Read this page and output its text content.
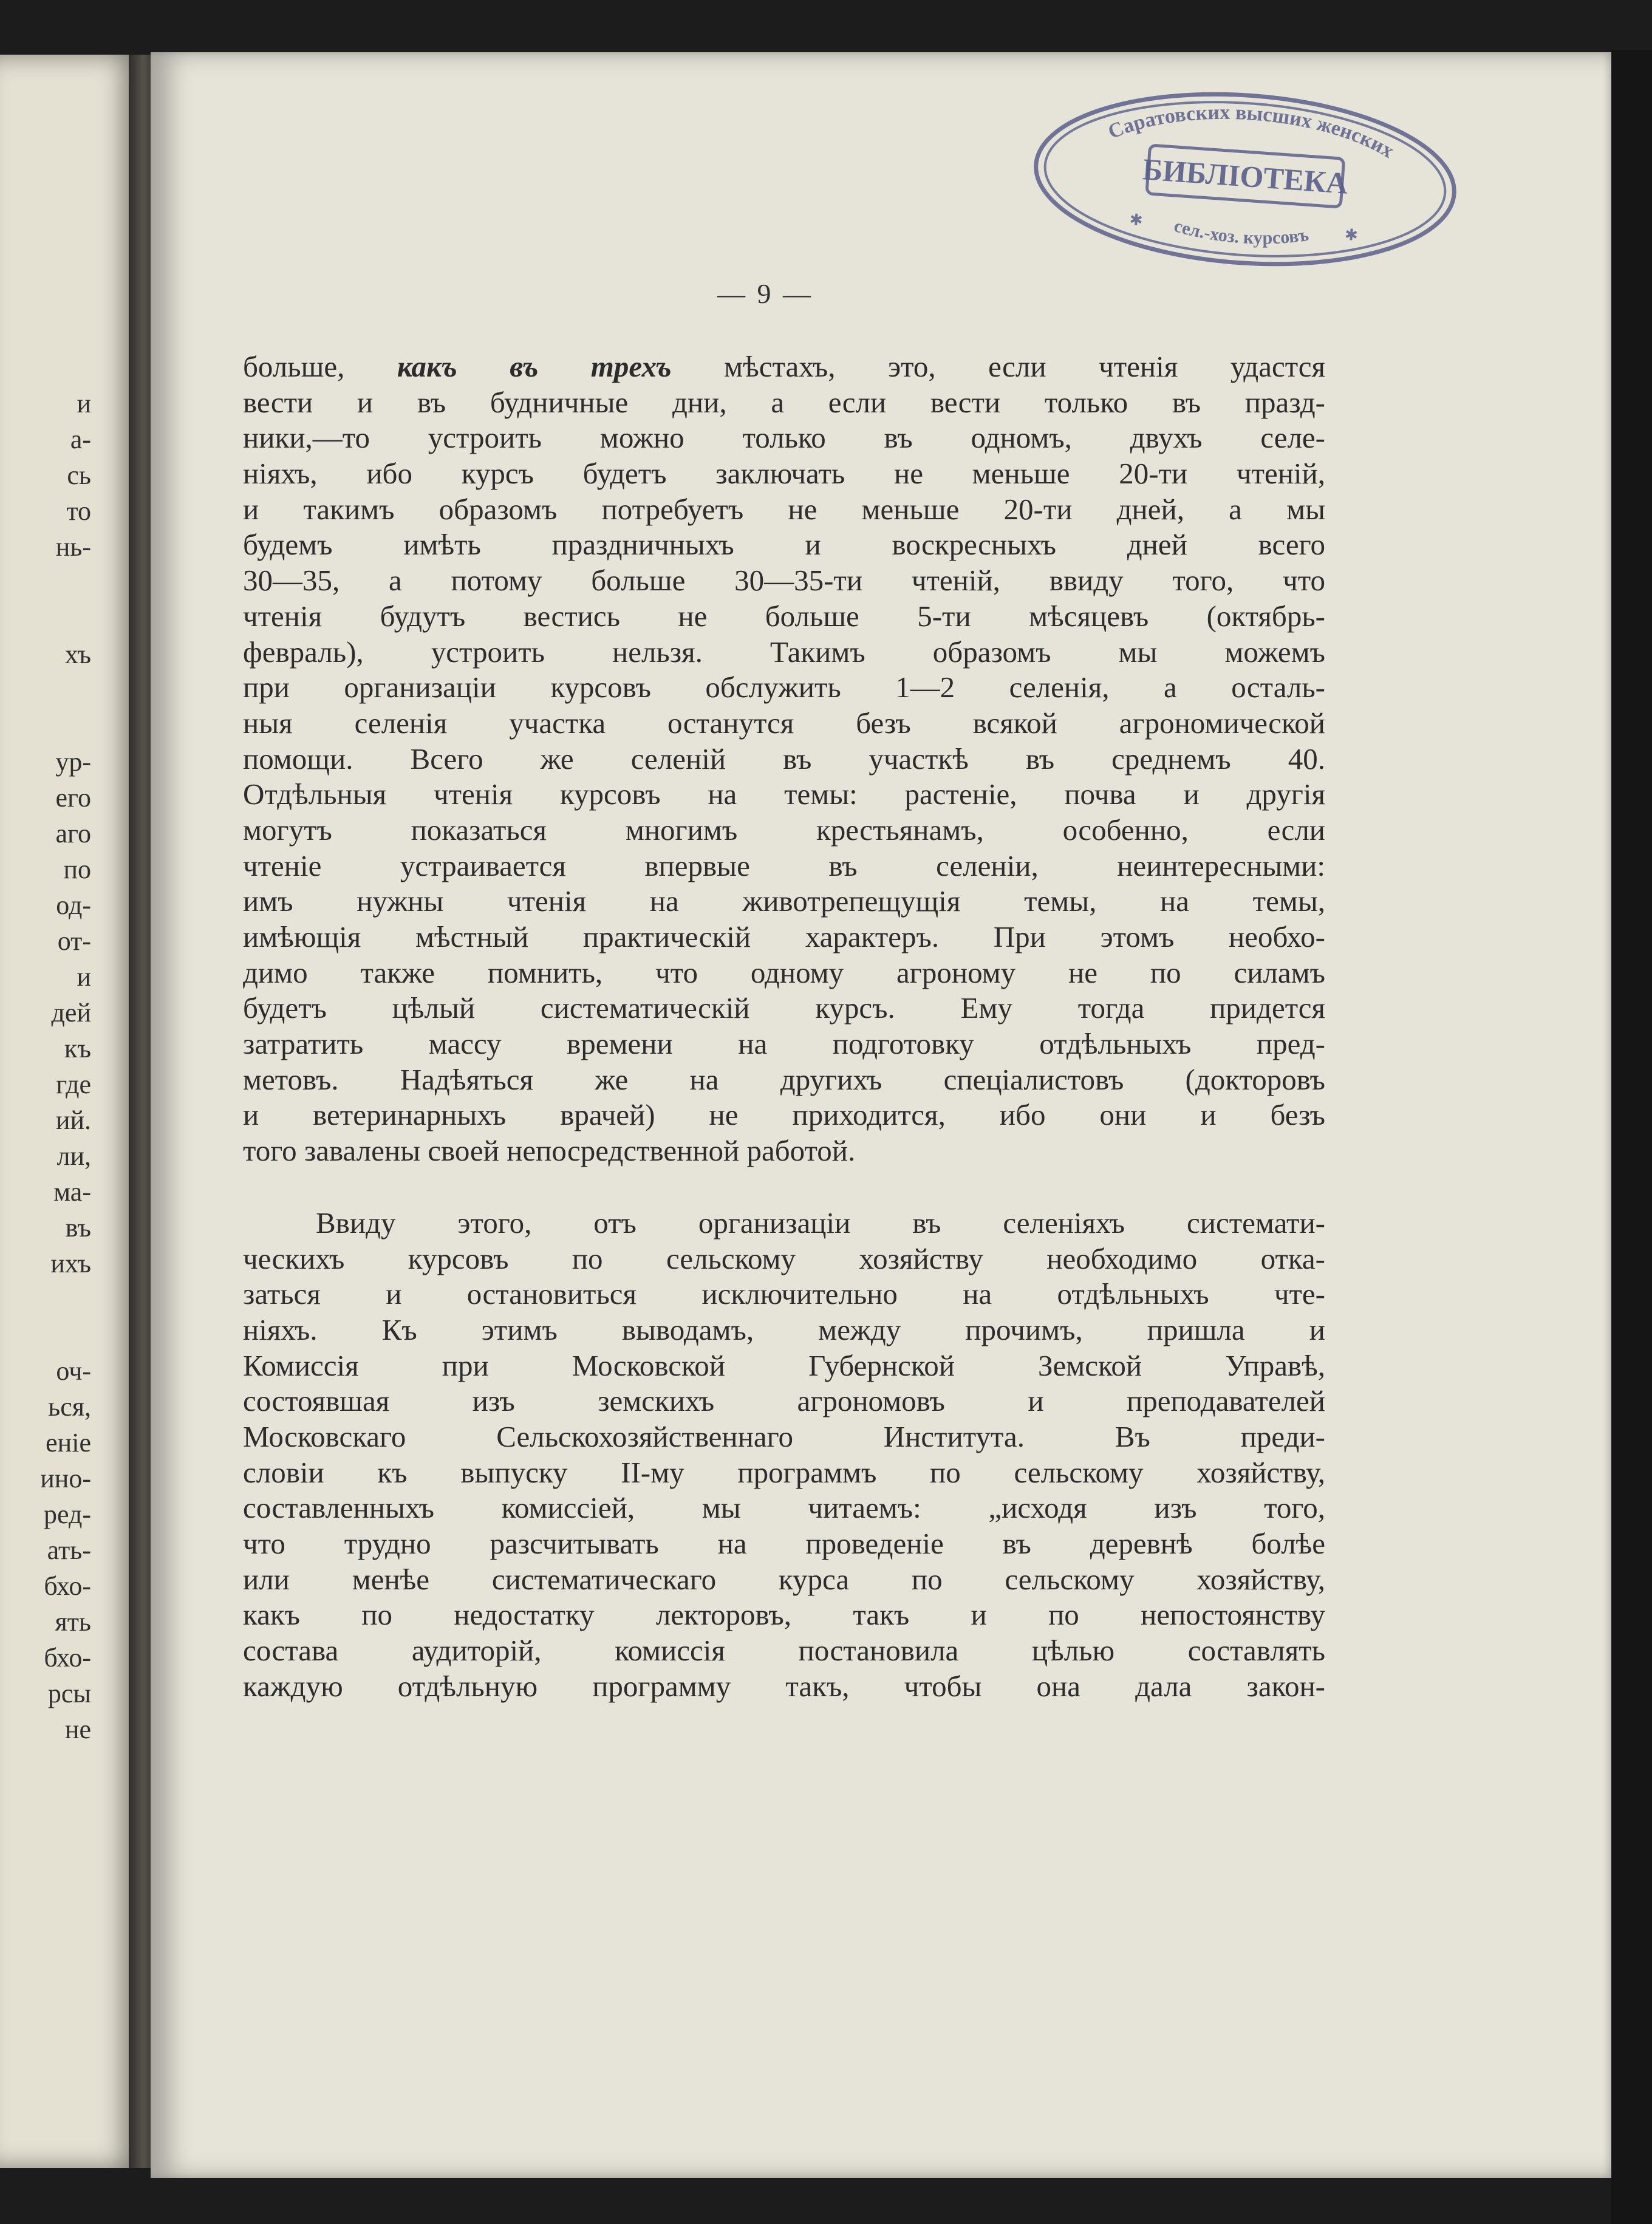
и
а-
сь
то
нь-
хъ
ур-
его
аго
по
од-
от-
и
дей
къ
где
ий.
ли,
ма-
въ
ихъ
оч-
ься,
еніе
ино-
ред-
ать-
бхо-
ять
бхо-
рсы
не
Саратовских высших женских
БИБЛІОТЕКА
сел.-хоз. курсовъ
✱
✱
— 9 —
больше, какъ въ трехъ мѣстахъ, это, если чтенія удастся
вести и въ будничные дни, а если вести только въ празд-
ники,—то устроить можно только въ одномъ, двухъ селе-
ніяхъ, ибо курсъ будетъ заключать не меньше 20-ти чтеній,
и такимъ образомъ потребуетъ не меньше 20-ти дней, а мы
будемъ имѣть праздничныхъ и воскресныхъ дней всего
30—35, а потому больше 30—35-ти чтеній, ввиду того, что
чтенія будутъ вестись не больше 5-ти мѣсяцевъ (октябрь-
февраль), устроить нельзя. Такимъ образомъ мы можемъ
при организаціи курсовъ обслужить 1—2 селенія, а осталь-
ныя селенія участка останутся безъ всякой агрономической
помощи. Всего же селеній въ участкѣ въ среднемъ 40.
Отдѣльныя чтенія курсовъ на темы: растеніе, почва и другія
могутъ показаться многимъ крестьянамъ, особенно, если
чтеніе устраивается впервые въ селеніи, неинтересными:
имъ нужны чтенія на животрепещущія темы, на темы,
имѣющія мѣстный практическій характеръ. При этомъ необхо-
димо также помнить, что одному агроному не по силамъ
будетъ цѣлый систематическій курсъ. Ему тогда придется
затратить массу времени на подготовку отдѣльныхъ пред-
метовъ. Надѣяться же на другихъ спеціалистовъ (докторовъ
и ветеринарныхъ врачей) не приходится, ибо они и безъ
того завалены своей непосредственной работой.
Ввиду этого, отъ организаціи въ селеніяхъ системати-
ческихъ курсовъ по сельскому хозяйству необходимо отка-
заться и остановиться исключительно на отдѣльныхъ чте-
ніяхъ. Къ этимъ выводамъ, между прочимъ, пришла и
Комиссія при Московской Губернской Земской Управѣ,
состоявшая изъ земскихъ агрономовъ и преподавателей
Московскаго Сельскохозяйственнаго Института. Въ преди-
словіи къ выпуску II-му программъ по сельскому хозяйству,
составленныхъ комиссіей, мы читаемъ: „исходя изъ того,
что трудно разсчитывать на проведеніе въ деревнѣ болѣе
или менѣе систематическаго курса по сельскому хозяйству,
какъ по недостатку лекторовъ, такъ и по непостоянству
состава аудиторій, комиссія постановила цѣлью составлять
каждую отдѣльную программу такъ, чтобы она дала закон-
